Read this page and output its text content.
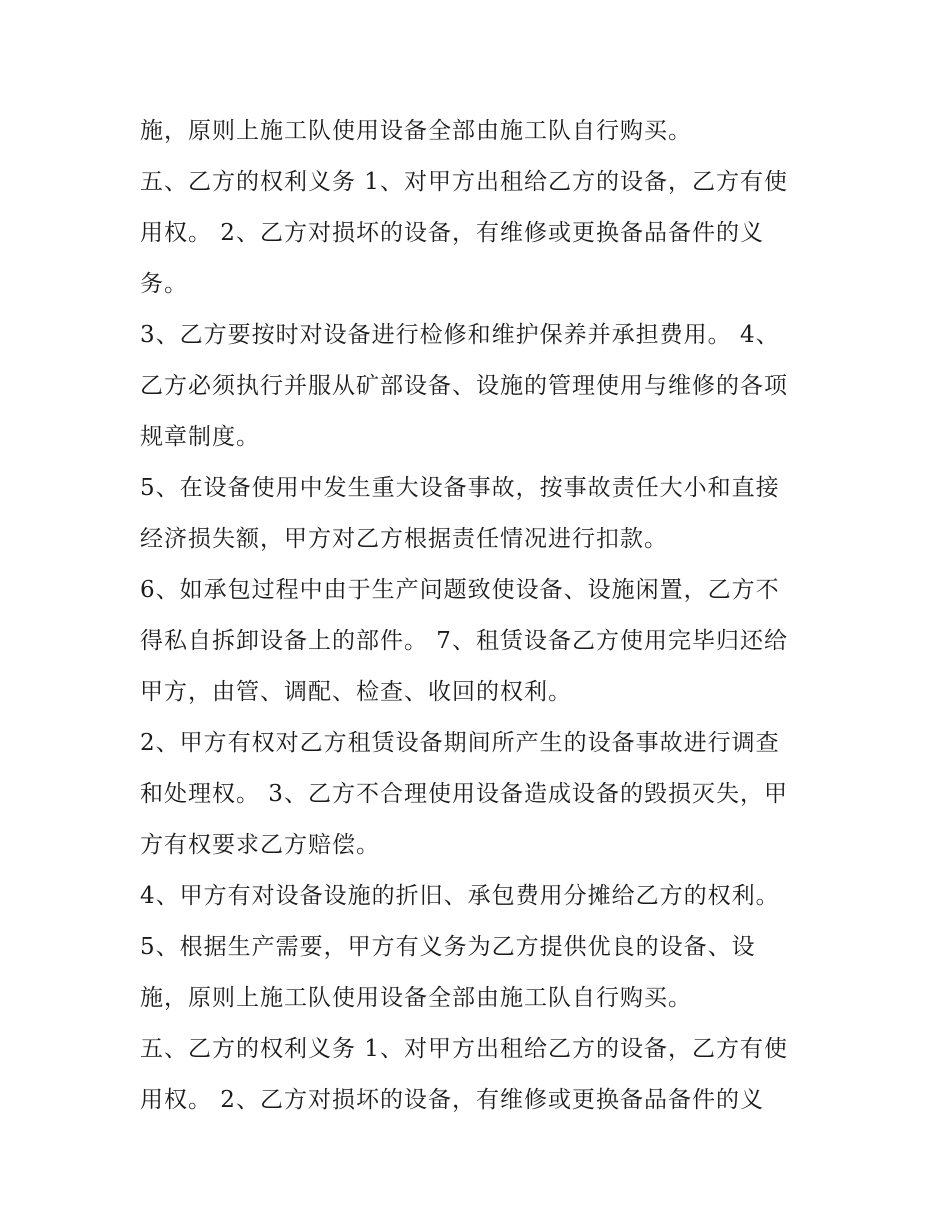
施，原则上施工队使用设备全部由施工队自行购买。
五、乙方的权利义务 1、对甲方出租给乙方的设备，乙方有使
用权。 2、乙方对损坏的设备，有维修或更换备品备件的义
务。
3、乙方要按时对设备进行检修和维护保养并承担费用。 4、
乙方必须执行并服从矿部设备、设施的管理使用与维修的各项
规章制度。
5、在设备使用中发生重大设备事故，按事故责任大小和直接
经济损失额，甲方对乙方根据责任情况进行扣款。
6、如承包过程中由于生产问题致使设备、设施闲置，乙方不
得私自拆卸设备上的部件。 7、租赁设备乙方使用完毕归还给
甲方，由管、调配、检查、收回的权利。
2、甲方有权对乙方租赁设备期间所产生的设备事故进行调查
和处理权。 3、乙方不合理使用设备造成设备的毁损灭失，甲
方有权要求乙方赔偿。
4、甲方有对设备设施的折旧、承包费用分摊给乙方的权利。
5、根据生产需要，甲方有义务为乙方提供优良的设备、设
施，原则上施工队使用设备全部由施工队自行购买。
五、乙方的权利义务 1、对甲方出租给乙方的设备，乙方有使
用权。 2、乙方对损坏的设备，有维修或更换备品备件的义
